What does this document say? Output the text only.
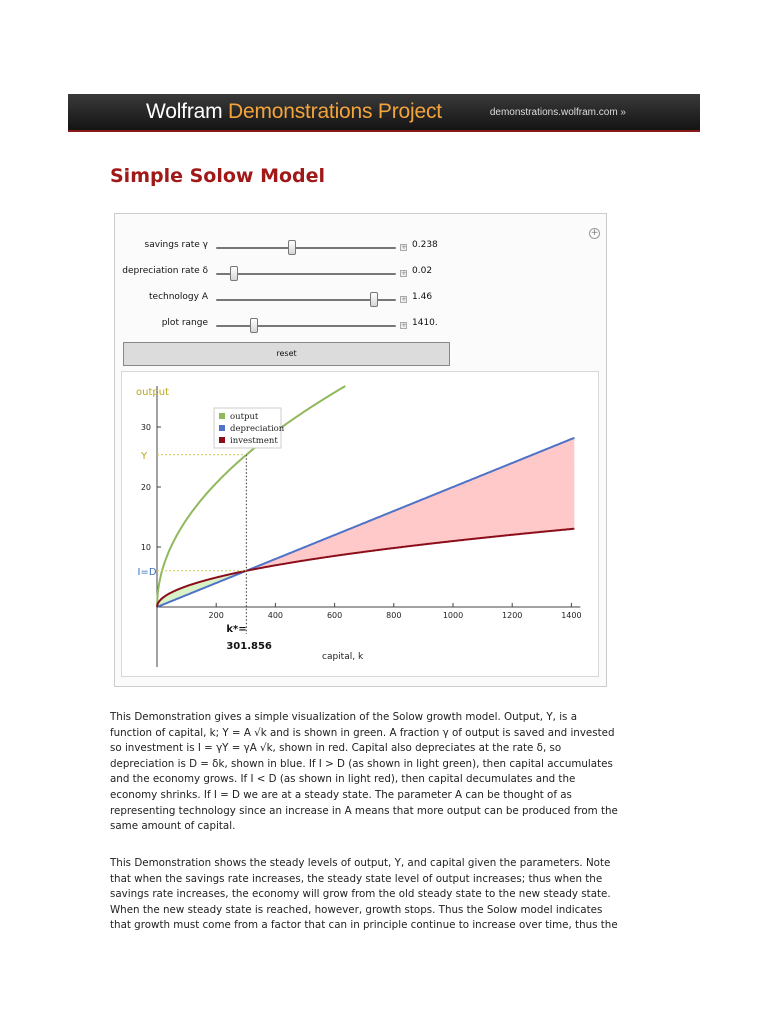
Wolfram Demonstrations Project	demonstrations.wolfram.com »
Simple Solow Model
+
savings rate γ	+ 0.238
depreciation rate δ	+ 0.02
technology A	+ 1.46
plot range	+ 1410.
reset
200	400	600	800	1000	1200	1400
10
20
30
Y
I=D
k*=
301.856
capital, k
output
output
depreciation
investment
This Demonstration gives a simple visualization of the Solow growth model. Output, Y, is a
function of capital, k; Y = A √k and is shown in green. A fraction γ of output is saved and invested
so investment is I = γY = γA √k, shown in red. Capital also depreciates at the rate δ, so
depreciation is D = δk, shown in blue. If I > D (as shown in light green), then capital accumulates
and the economy grows. If I < D (as shown in light red), then capital decumulates and the
economy shrinks. If I = D we are at a steady state. The parameter A can be thought of as
representing technology since an increase in A means that more output can be produced from the
same amount of capital.
This Demonstration shows the steady levels of output, Y, and capital given the parameters. Note
that when the savings rate increases, the steady state level of output increases; thus when the
savings rate increases, the economy will grow from the old steady state to the new steady state.
When the new steady state is reached, however, growth stops. Thus the Solow model indicates
that growth must come from a factor that can in principle continue to increase over time, thus the
